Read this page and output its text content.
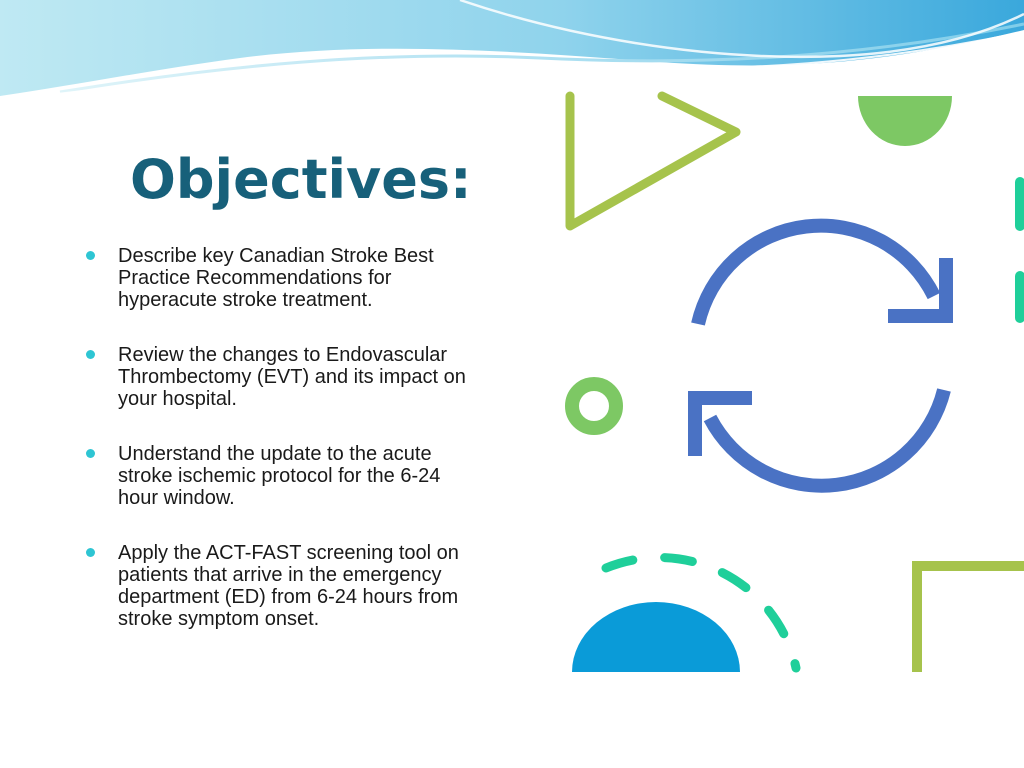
Objectives:
Describe key Canadian Stroke Best
Practice Recommendations for
hyperacute stroke treatment.
Review the changes to Endovascular
Thrombectomy (EVT) and its impact on
your hospital.
Understand the update to the acute
stroke ischemic protocol for the 6-24
hour window.
Apply the ACT-FAST screening tool on
patients that arrive in the emergency
department (ED) from 6-24 hours from
stroke symptom onset.
